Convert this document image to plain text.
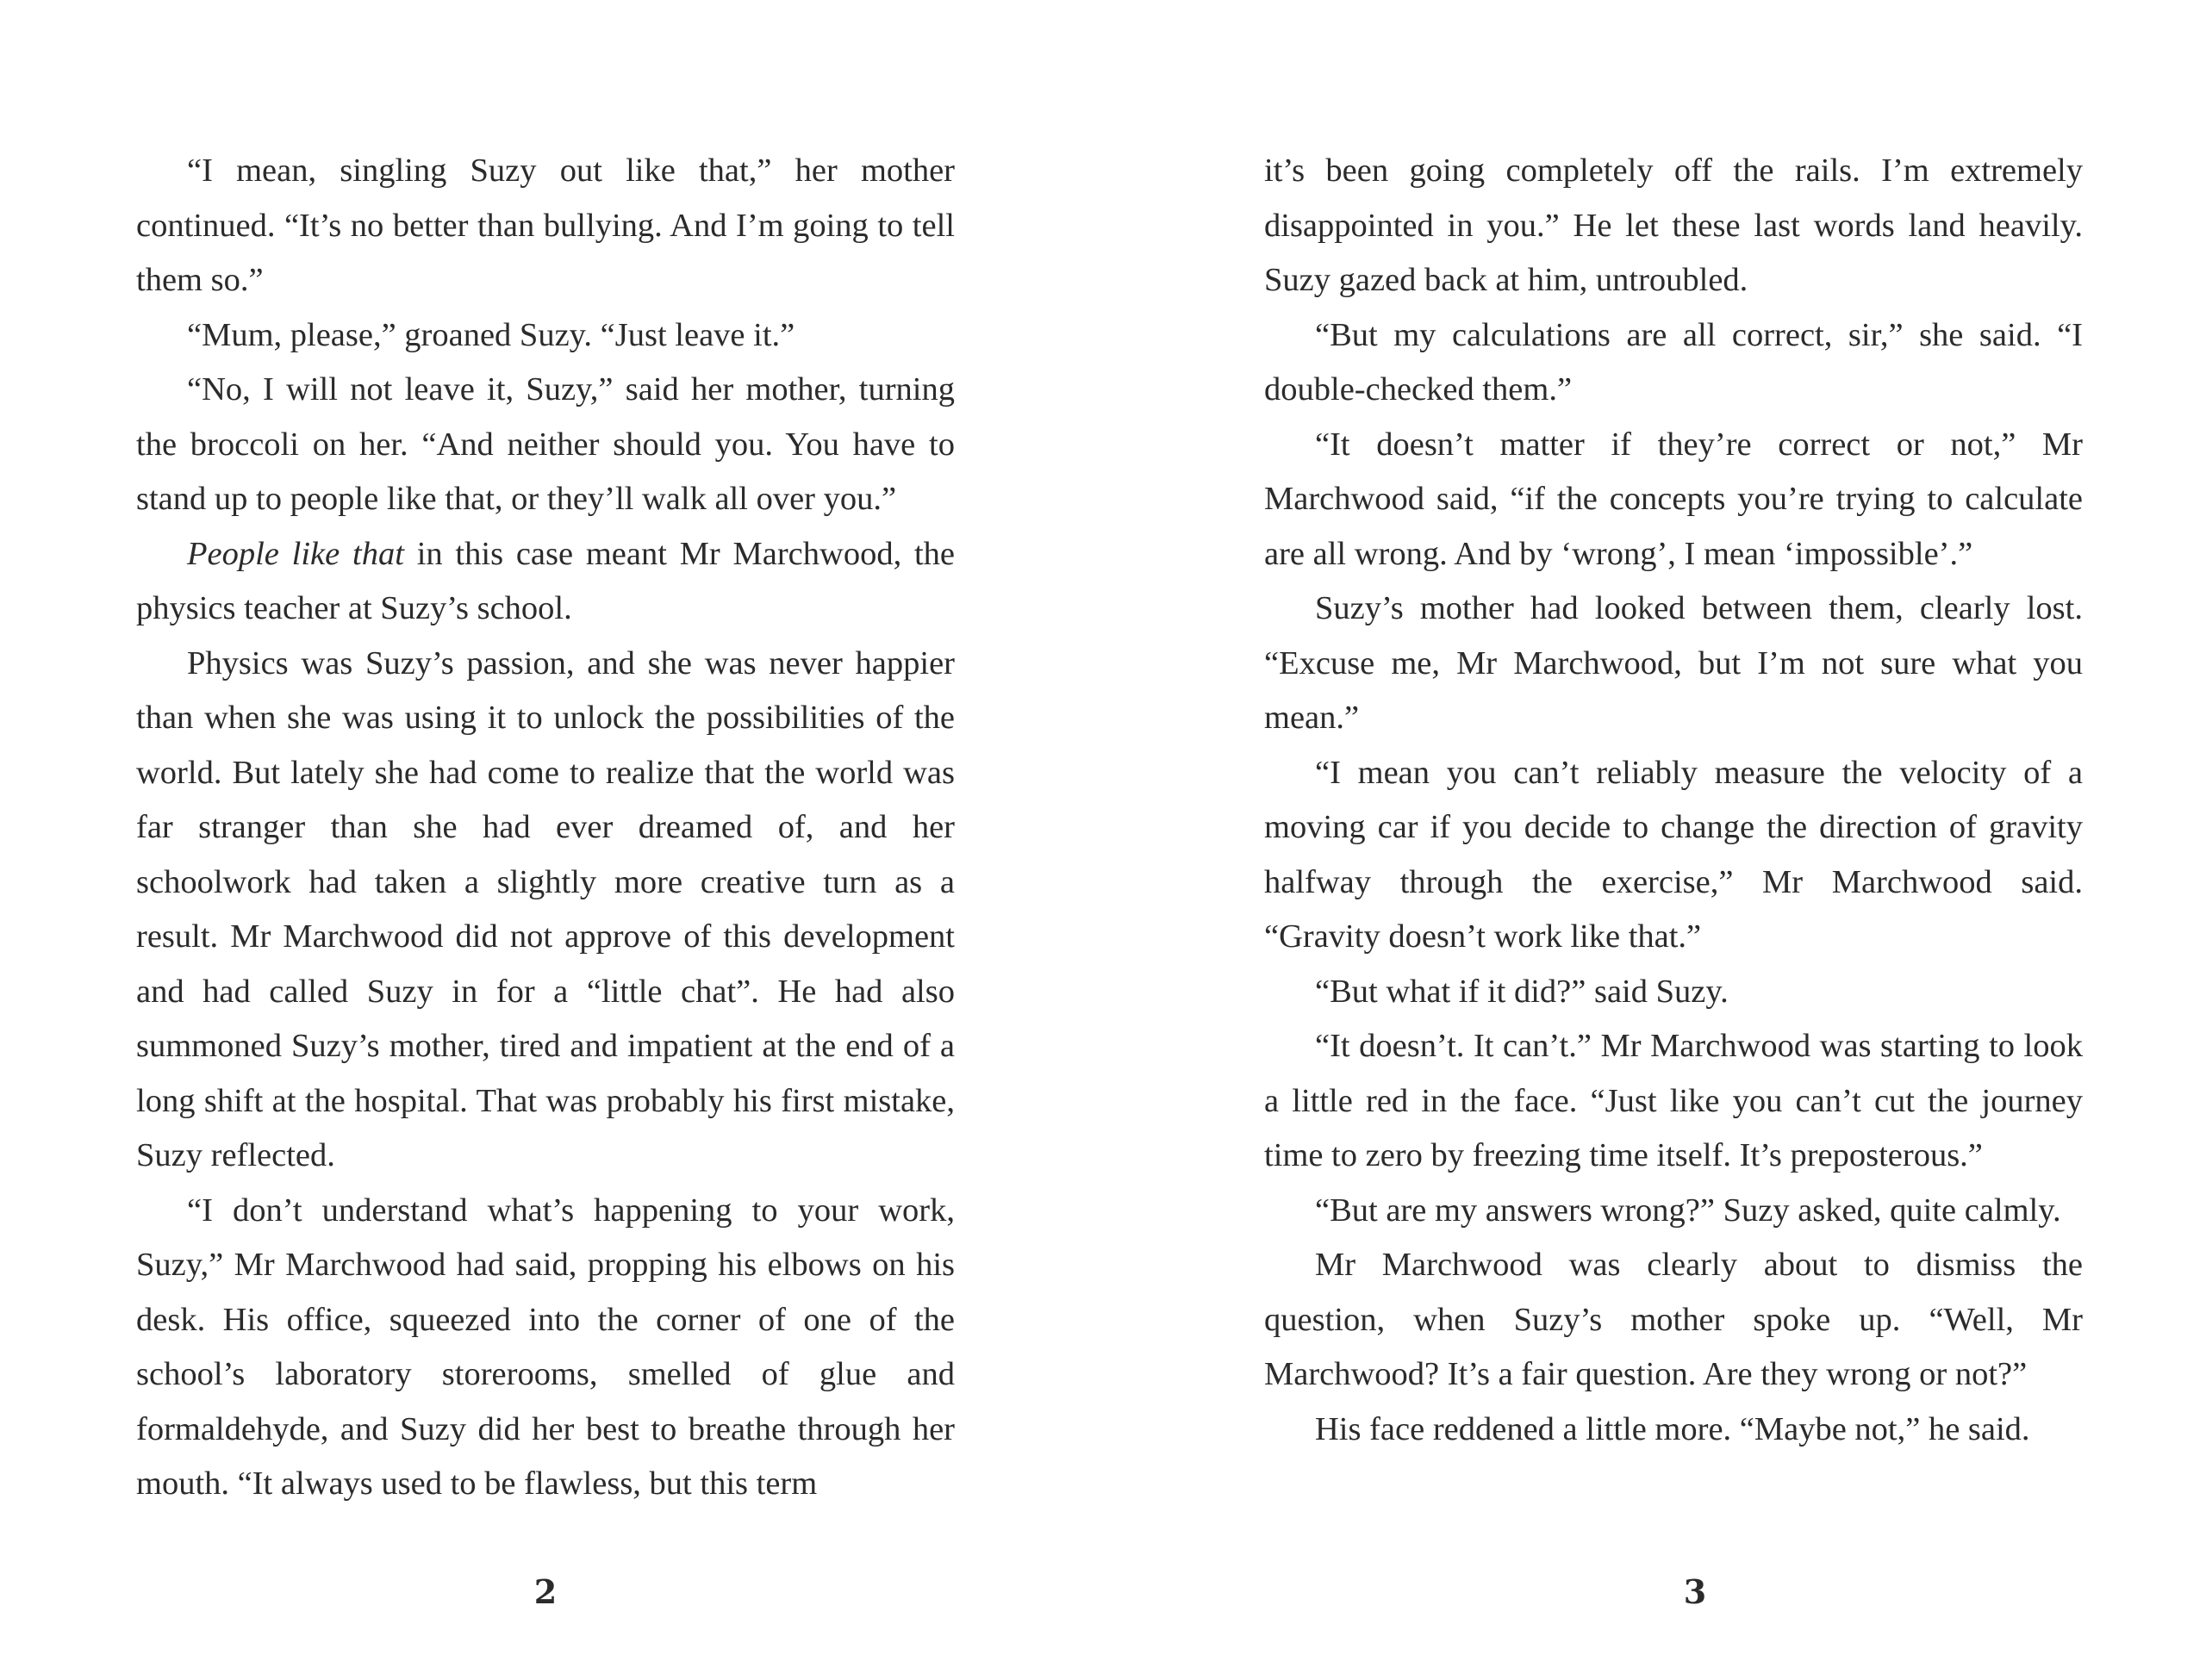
“I mean, singling Suzy out like that,” her mother continued. “It’s no better than bullying. And I’m going to tell them so.”

“Mum, please,” groaned Suzy. “Just leave it.”

“No, I will not leave it, Suzy,” said her mother, turning the broccoli on her. “And neither should you. You have to stand up to people like that, or they’ll walk all over you.”

People like that in this case meant Mr Marchwood, the physics teacher at Suzy’s school.

Physics was Suzy’s passion, and she was never happier than when she was using it to unlock the possibilities of the world. But lately she had come to realize that the world was far stranger than she had ever dreamed of, and her schoolwork had taken a slightly more creative turn as a result. Mr Marchwood did not approve of this development and had called Suzy in for a “little chat”. He had also summoned Suzy’s mother, tired and impatient at the end of a long shift at the hospital. That was probably his first mistake, Suzy reflected.

“I don’t understand what’s happening to your work, Suzy,” Mr Marchwood had said, propping his elbows on his desk. His office, squeezed into the corner of one of the school’s laboratory storerooms, smelled of glue and formaldehyde, and Suzy did her best to breathe through her mouth. “It always used to be flawless, but this term

2

it’s been going completely off the rails. I’m extremely disappointed in you.” He let these last words land heavily. Suzy gazed back at him, untroubled.

“But my calculations are all correct, sir,” she said. “I double-checked them.”

“It doesn’t matter if they’re correct or not,” Mr Marchwood said, “if the concepts you’re trying to calculate are all wrong. And by ‘wrong’, I mean ‘impossible’.”

Suzy’s mother had looked between them, clearly lost. “Excuse me, Mr Marchwood, but I’m not sure what you mean.”

“I mean you can’t reliably measure the velocity of a moving car if you decide to change the direction of gravity halfway through the exercise,” Mr Marchwood said. “Gravity doesn’t work like that.”

“But what if it did?” said Suzy.

“It doesn’t. It can’t.” Mr Marchwood was starting to look a little red in the face. “Just like you can’t cut the journey time to zero by freezing time itself. It’s preposterous.”

“But are my answers wrong?” Suzy asked, quite calmly.

Mr Marchwood was clearly about to dismiss the question, when Suzy’s mother spoke up. “Well, Mr Marchwood? It’s a fair question. Are they wrong or not?”

His face reddened a little more. “Maybe not,” he said.

3
